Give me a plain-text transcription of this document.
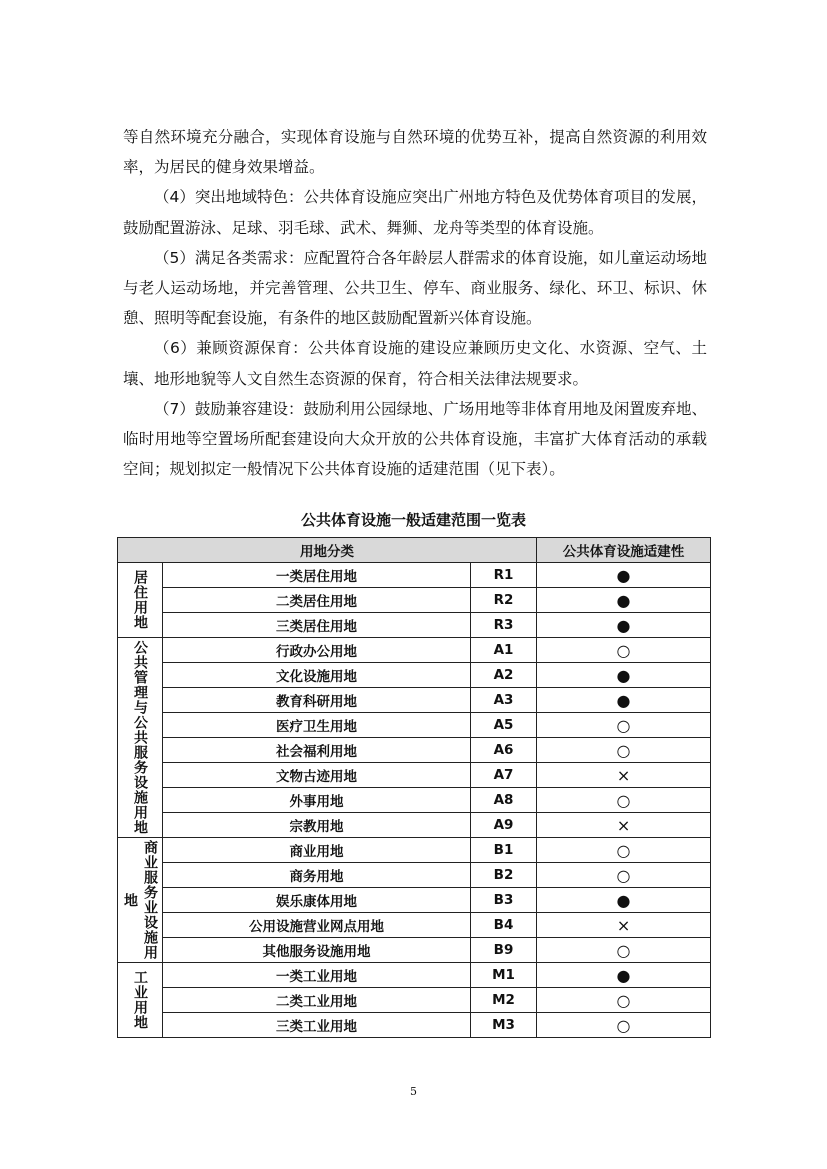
等自然环境充分融合，实现体育设施与自然环境的优势互补，提高自然资源的利用效率，为居民的健身效果增益。

（4）突出地域特色：公共体育设施应突出广州地方特色及优势体育项目的发展，鼓励配置游泳、足球、羽毛球、武术、舞狮、龙舟等类型的体育设施。

（5）满足各类需求：应配置符合各年龄层人群需求的体育设施，如儿童运动场地与老人运动场地，并完善管理、公共卫生、停车、商业服务、绿化、环卫、标识、休憩、照明等配套设施，有条件的地区鼓励配置新兴体育设施。

（6）兼顾资源保育：公共体育设施的建设应兼顾历史文化、水资源、空气、土壤、地形地貌等人文自然生态资源的保育，符合相关法律法规要求。

（7）鼓励兼容建设：鼓励利用公园绿地、广场用地等非体育用地及闲置废弃地、临时用地等空置场所配套建设向大众开放的公共体育设施，丰富扩大体育活动的承载空间；规划拟定一般情况下公共体育设施的适建范围（见下表）。

公共体育设施一般适建范围一览表
用地分类			公共体育设施适建性
居住用地	一类居住用地	R1	●
	二类居住用地	R2	●
	三类居住用地	R3	●
公共管理与公共服务设施用地	行政办公用地	A1	○
	文化设施用地	A2	●
	教育科研用地	A3	●
	医疗卫生用地	A5	○
	社会福利用地	A6	○
	文物古迹用地	A7	×
	外事用地	A8	○
	宗教用地	A9	×
商业服务业设施用地	商业用地	B1	○
	商务用地	B2	○
	娱乐康体用地	B3	●
	公用设施营业网点用地	B4	×
	其他服务设施用地	B9	○
工业用地	一类工业用地	M1	●
	二类工业用地	M2	○
	三类工业用地	M3	○
5
